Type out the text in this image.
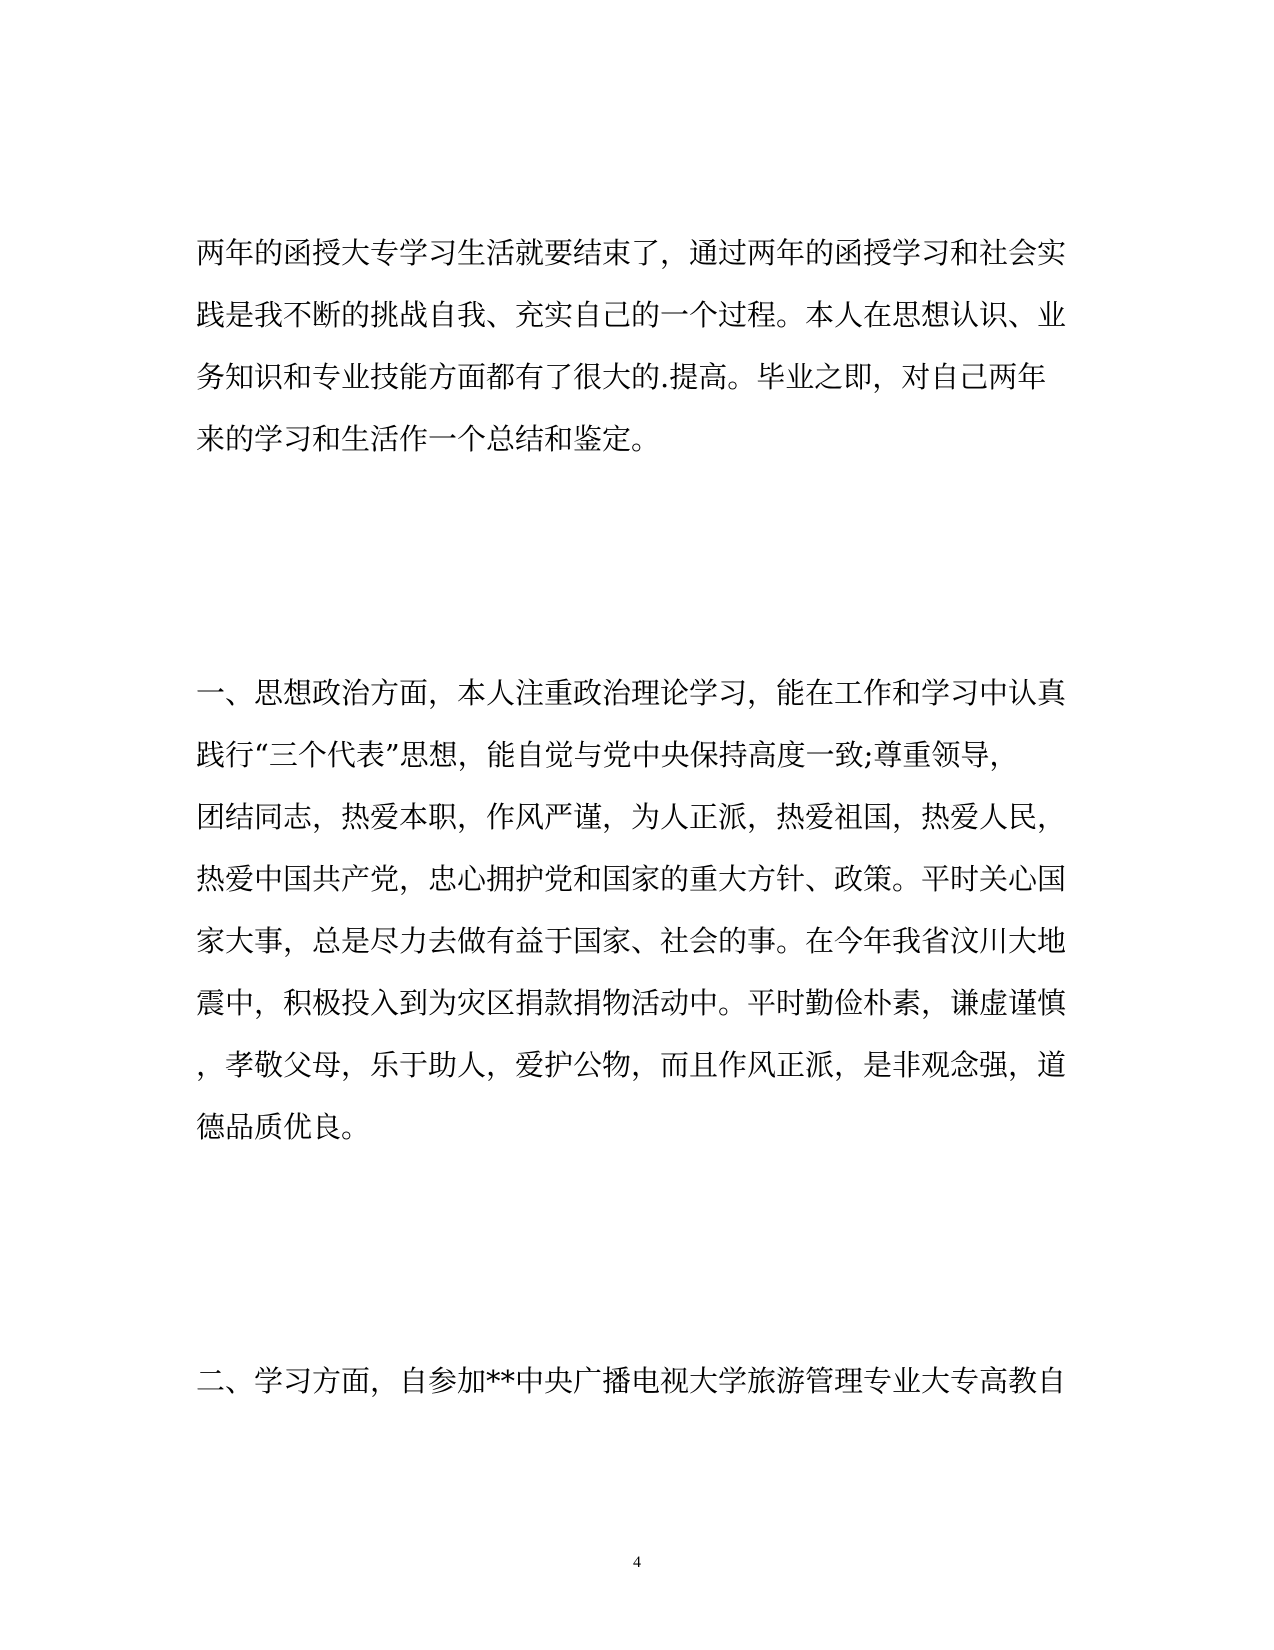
两年的函授大专学习生活就要结束了，通过两年的函授学习和社会实

践是我不断的挑战自我、充实自己的一个过程。本人在思想认识、业

务知识和专业技能方面都有了很大的.提高。毕业之即，对自己两年

来的学习和生活作一个总结和鉴定。

一、思想政治方面，本人注重政治理论学习，能在工作和学习中认真

践行“三个代表”思想，能自觉与党中央保持高度一致;尊重领导，

团结同志，热爱本职，作风严谨，为人正派，热爱祖国，热爱人民，

热爱中国共产党，忠心拥护党和国家的重大方针、政策。平时关心国

家大事，总是尽力去做有益于国家、社会的事。在今年我省汶川大地

震中，积极投入到为灾区捐款捐物活动中。平时勤俭朴素，谦虚谨慎

，孝敬父母，乐于助人，爱护公物，而且作风正派，是非观念强，道

德品质优良。

二、学习方面，自参加**中央广播电视大学旅游管理专业大专高教自

4
